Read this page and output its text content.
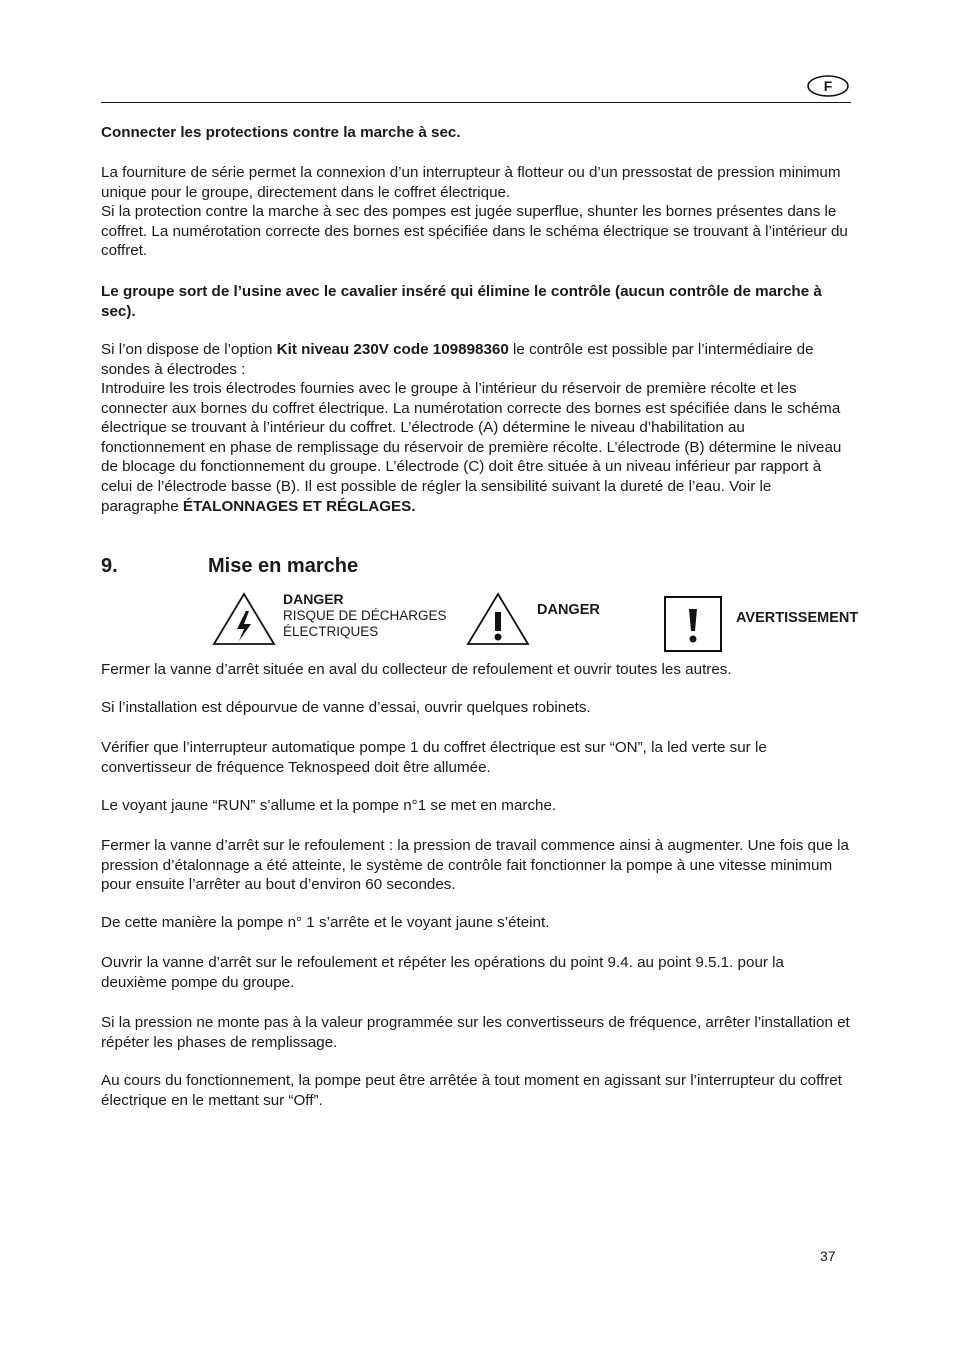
F

Connecter les protections contre la marche à sec.

La fourniture de série permet la connexion d’un interrupteur à flotteur ou d’un pressostat de pression minimum unique pour le groupe, directement dans le coffret électrique.

Si la protection contre la marche à sec des pompes est jugée superflue, shunter les bornes présentes dans le coffret. La numérotation correcte des bornes est spécifiée dans le schéma électrique se trouvant à l’intérieur du coffret.

Le groupe sort de l’usine avec le cavalier inséré qui élimine le contrôle (aucun contrôle de marche à sec).

Si l’on dispose de l’option Kit niveau 230V code 109898360 le contrôle est possible par l’intermédiaire de sondes à électrodes :

Introduire les trois électrodes fournies avec le groupe à l’intérieur du réservoir de première récolte et les connecter aux bornes du coffret électrique. La numérotation correcte des bornes est spécifiée dans le schéma électrique se trouvant à l’intérieur du coffret. L’électrode (A) détermine le niveau d’habilitation au fonctionnement en phase de remplissage du réservoir de première récolte. L’électrode (B) détermine le niveau de blocage du fonctionnement du groupe. L’électrode (C) doit être située à un niveau inférieur par rapport à celui de l’électrode basse (B). Il est possible de régler la sensibilité suivant la dureté de l’eau. Voir le paragraphe ÉTALONNAGES ET RÉGLAGES.

9.	Mise en marche
DANGER
RISQUE DE DÉCHARGES
ÉLECTRIQUES
DANGER	AVERTISSEMENT

Fermer la vanne d’arrêt située en aval du collecteur de refoulement et ouvrir toutes les autres.

Si l’installation est dépourvue de vanne d’essai, ouvrir quelques robinets.

Vérifier que l’interrupteur automatique pompe 1 du coffret électrique est sur “ON”, la led verte sur le convertisseur de fréquence Teknospeed doit être allumée.

Le voyant jaune “RUN” s’allume et la pompe n°1 se met en marche.

Fermer la vanne d’arrêt sur le refoulement : la pression de travail commence ainsi à augmenter. Une fois que la pression d’étalonnage a été atteinte, le système de contrôle fait fonctionner la pompe à une vitesse minimum pour ensuite l’arrêter au bout d’environ 60 secondes.

De cette manière la pompe n° 1 s’arrête et le voyant jaune s’éteint.

Ouvrir la vanne d’arrêt sur le refoulement et répéter les opérations du point 9.4. au point 9.5.1. pour la deuxième pompe du groupe.

Si la pression ne monte pas à la valeur programmée sur les convertisseurs de fréquence, arrêter l’installation et répéter les phases de remplissage.

Au cours du fonctionnement, la pompe peut être arrêtée à tout moment en agissant sur l’interrupteur du coffret électrique en le mettant sur “Off”.

37
